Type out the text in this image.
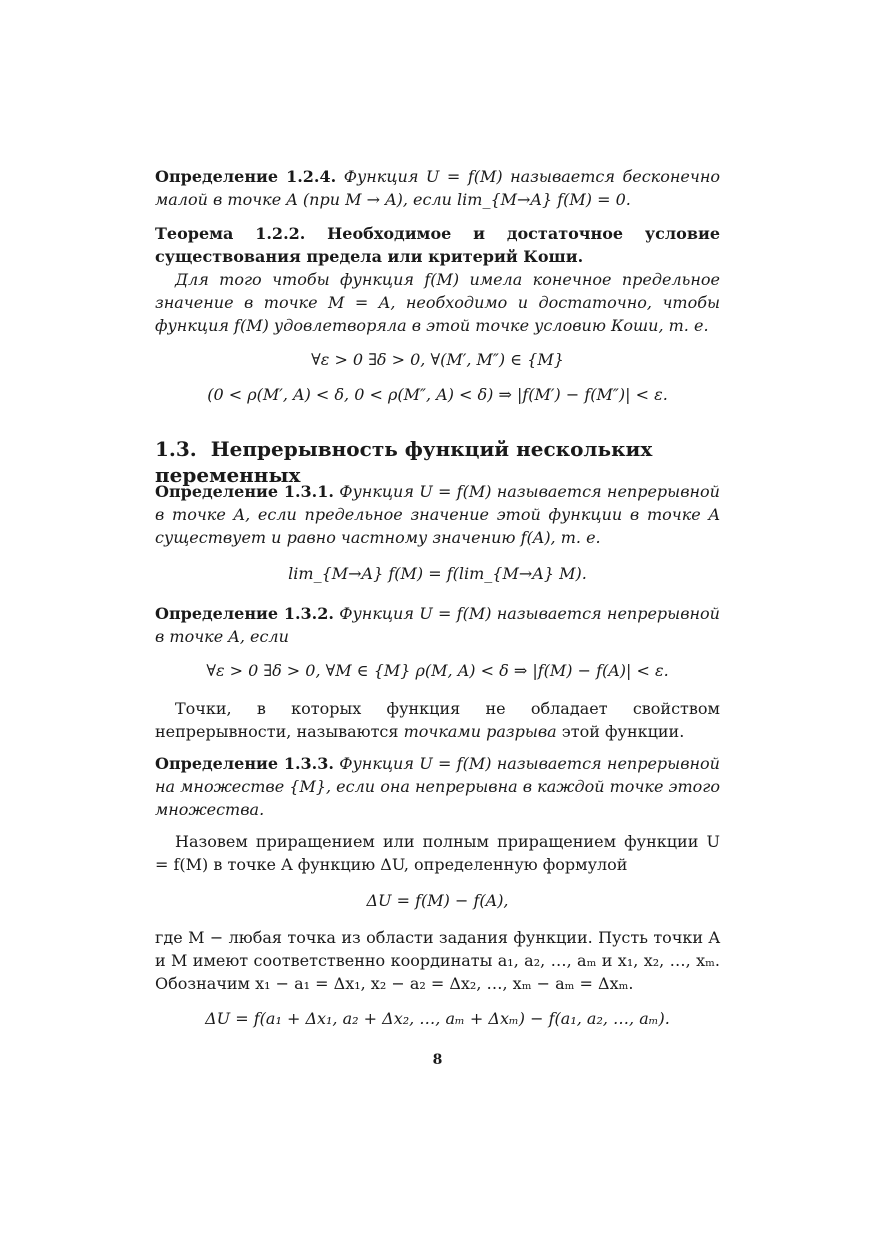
Определение 1.2.4. Функция U = f(M) называется бесконечно малой в точке A (при M → A), если lim_{M→A} f(M) = 0.
Теорема 1.2.2. Необходимое и достаточное условие существования предела или критерий Коши.
Для того чтобы функция f(M) имела конечное предельное значение в точке M = A, необходимо и достаточно, чтобы функция f(M) удовлетворяла в этой точке условию Коши, т. е.
∀ε > 0 ∃δ > 0, ∀(M′, M″) ∈ {M}
(0 < ρ(M′, A) < δ, 0 < ρ(M″, A) < δ) ⇒ |f(M′) − f(M″)| < ε.
1.3. Непрерывность функций нескольких переменных
Определение 1.3.1. Функция U = f(M) называется непрерывной в точке A, если предельное значение этой функции в точке A существует и равно частному значению f(A), т. е.
lim_{M→A} f(M) = f(lim_{M→A} M).
Определение 1.3.2. Функция U = f(M) называется непрерывной в точке A, если
∀ε > 0 ∃δ > 0, ∀M ∈ {M} ρ(M, A) < δ ⇒ |f(M) − f(A)| < ε.
Точки, в которых функция не обладает свойством непрерывности, называются точками разрыва этой функции.
Определение 1.3.3. Функция U = f(M) называется непрерывной на множестве {M}, если она непрерывна в каждой точке этого множества.
Назовем приращением или полным приращением функции U = f(M) в точке A функцию ΔU, определенную формулой
ΔU = f(M) − f(A),
где M − любая точка из области задания функции. Пусть точки A и M имеют соответственно координаты a₁, a₂, …, aₘ и x₁, x₂, …, xₘ. Обозначим x₁ − a₁ = Δx₁, x₂ − a₂ = Δx₂, …, xₘ − aₘ = Δxₘ.
ΔU = f(a₁ + Δx₁, a₂ + Δx₂, …, aₘ + Δxₘ) − f(a₁, a₂, …, aₘ).
8
